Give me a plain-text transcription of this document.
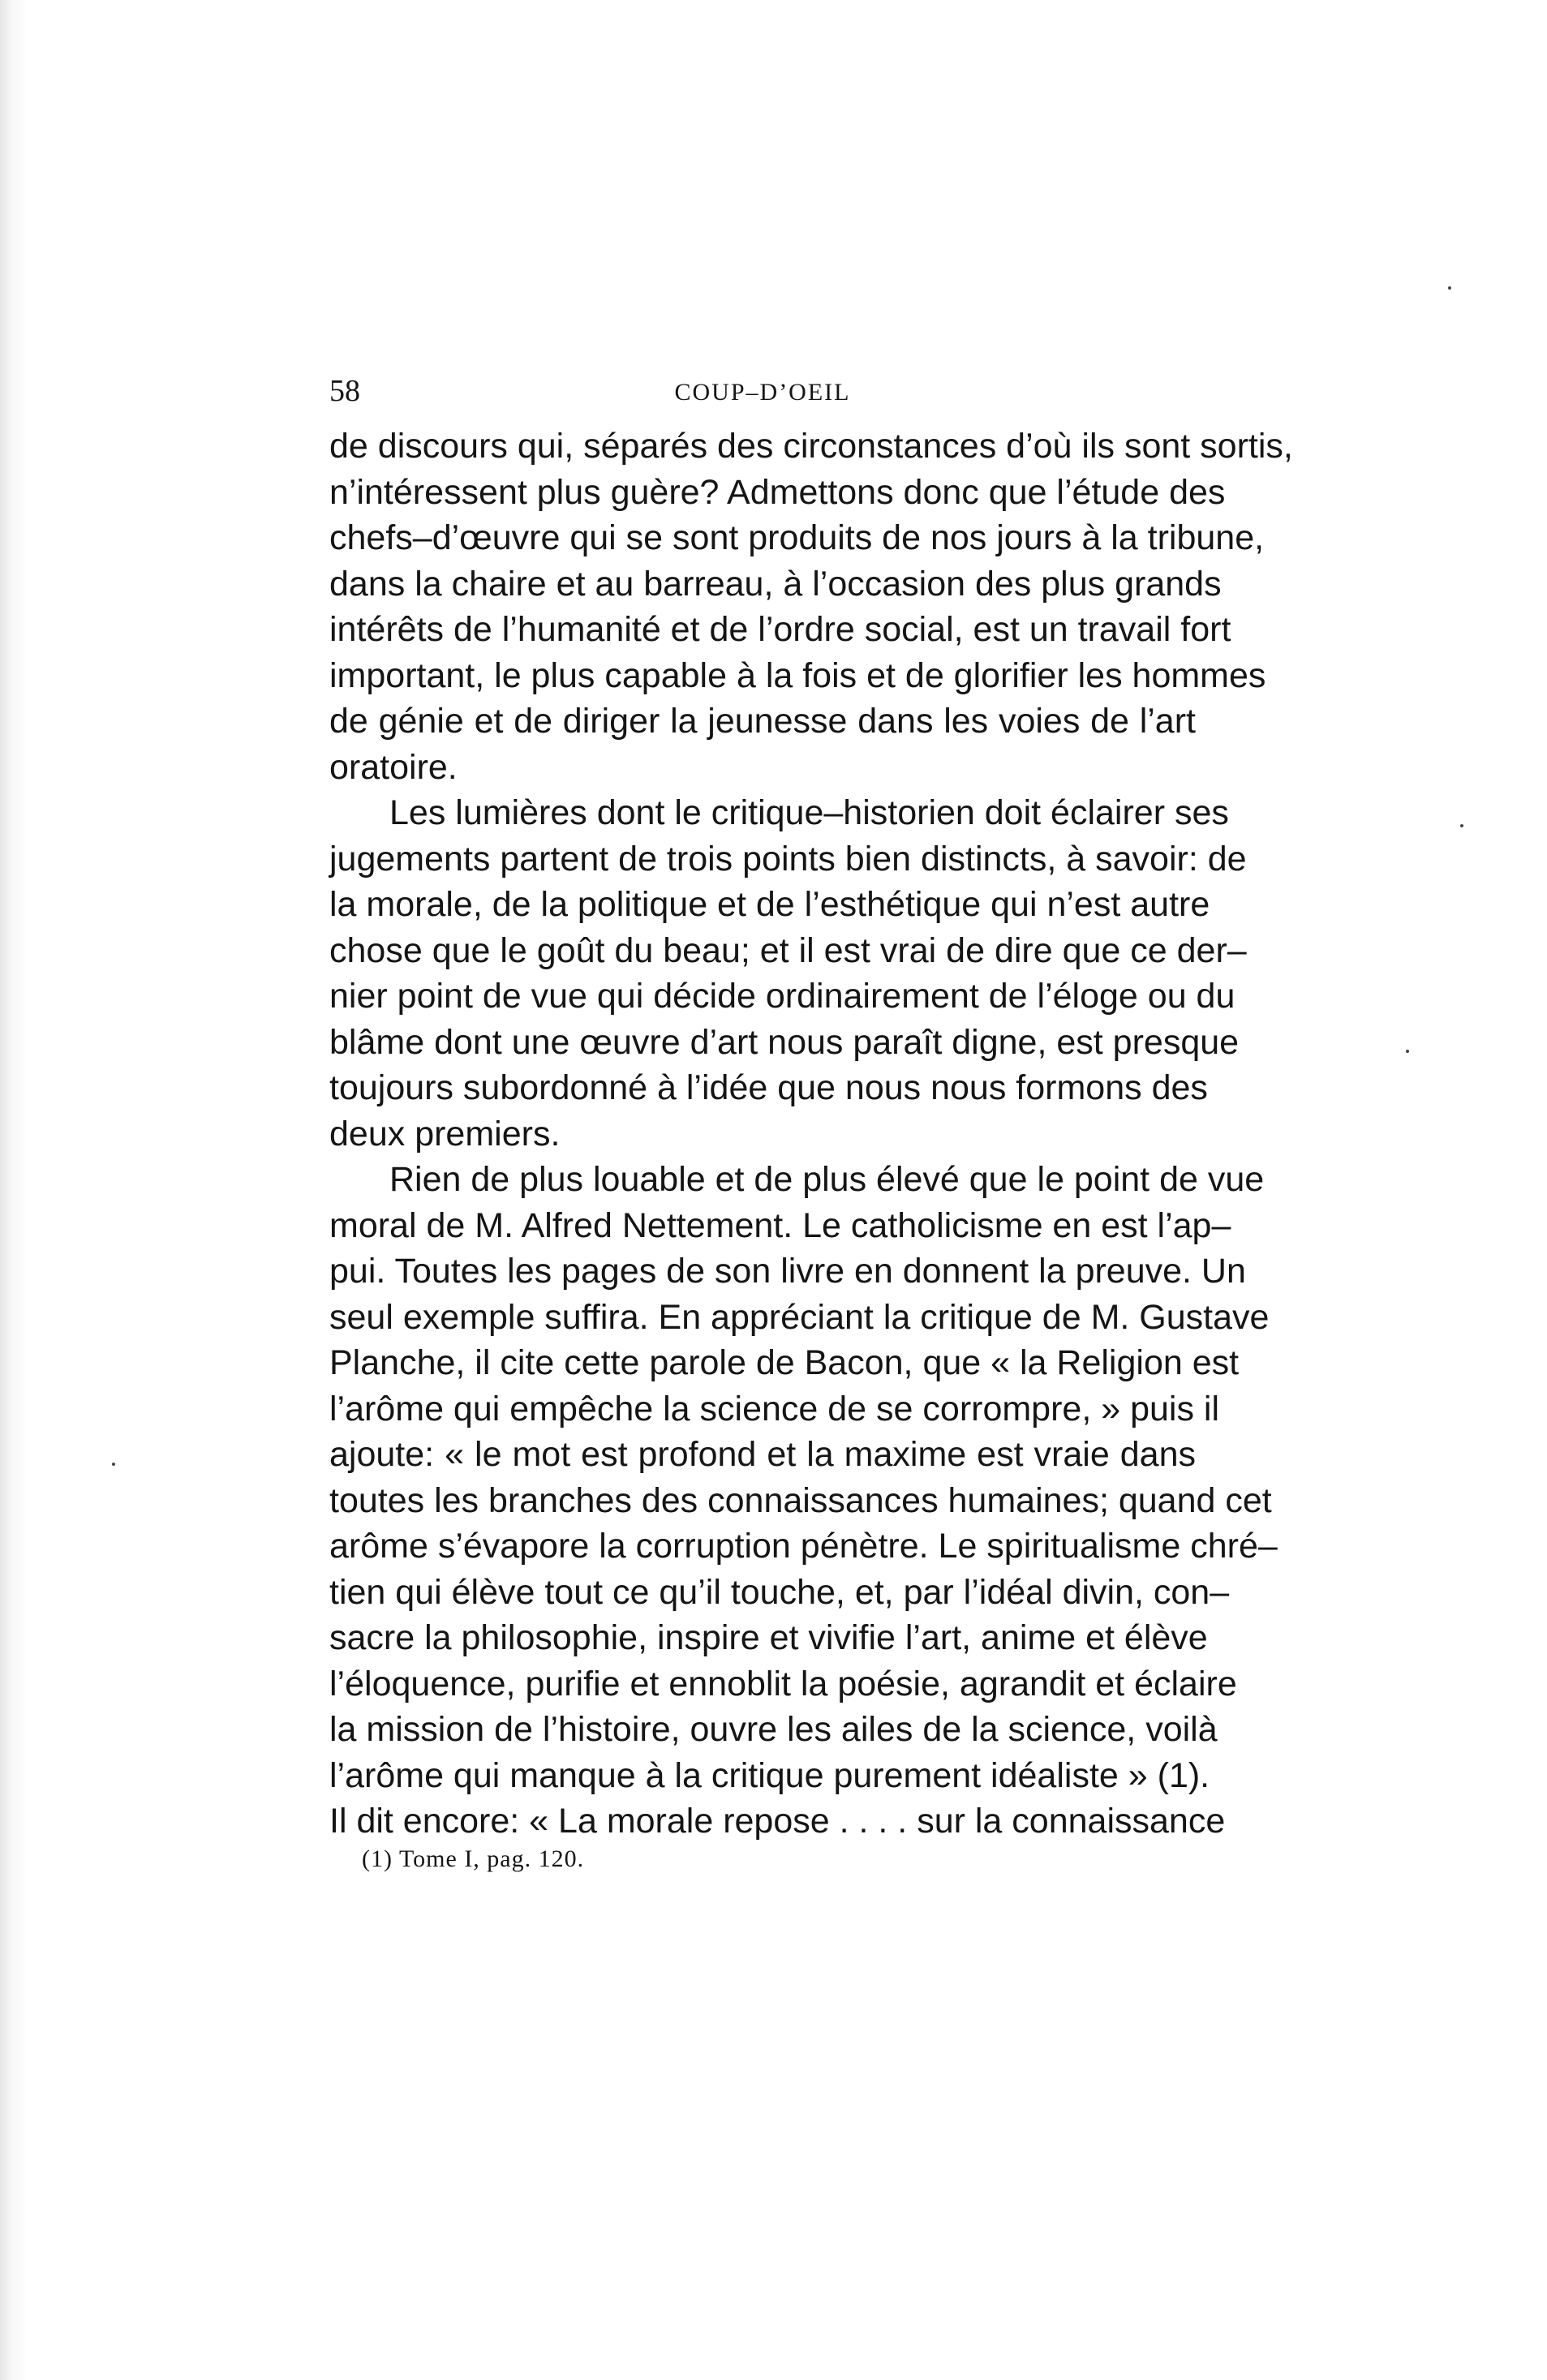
58	COUP–D’OEIL
de discours qui, séparés des circonstances d’où ils sont sortis,
n’intéressent plus guère? Admettons donc que l’étude des
chefs–d’œuvre qui se sont produits de nos jours à la tribune,
dans la chaire et au barreau, à l’occasion des plus grands
intérêts de l’humanité et de l’ordre social, est un travail fort
important, le plus capable à la fois et de glorifier les hommes
de génie et de diriger la jeunesse dans les voies de l’art
oratoire.
Les lumières dont le critique–historien doit éclairer ses
jugements partent de trois points bien distincts, à savoir: de
la morale, de la politique et de l’esthétique qui n’est autre
chose que le goût du beau; et il est vrai de dire que ce der–
nier point de vue qui décide ordinairement de l’éloge ou du
blâme dont une œuvre d’art nous paraît digne, est presque
toujours subordonné à l’idée que nous nous formons des
deux premiers.
Rien de plus louable et de plus élevé que le point de vue
moral de M. Alfred Nettement. Le catholicisme en est l’ap–
pui. Toutes les pages de son livre en donnent la preuve. Un
seul exemple suffira. En appréciant la critique de M. Gustave
Planche, il cite cette parole de Bacon, que « la Religion est
l’arôme qui empêche la science de se corrompre, » puis il
ajoute: « le mot est profond et la maxime est vraie dans
toutes les branches des connaissances humaines; quand cet
arôme s’évapore la corruption pénètre. Le spiritualisme chré–
tien qui élève tout ce qu’il touche, et, par l’idéal divin, con–
sacre la philosophie, inspire et vivifie l’art, anime et élève
l’éloquence, purifie et ennoblit la poésie, agrandit et éclaire
la mission de l’histoire, ouvre les ailes de la science, voilà
l’arôme qui manque à la critique purement idéaliste » (1).
Il dit encore: « La morale repose . . . . sur la connaissance
(1) Tome I, pag. 120.
